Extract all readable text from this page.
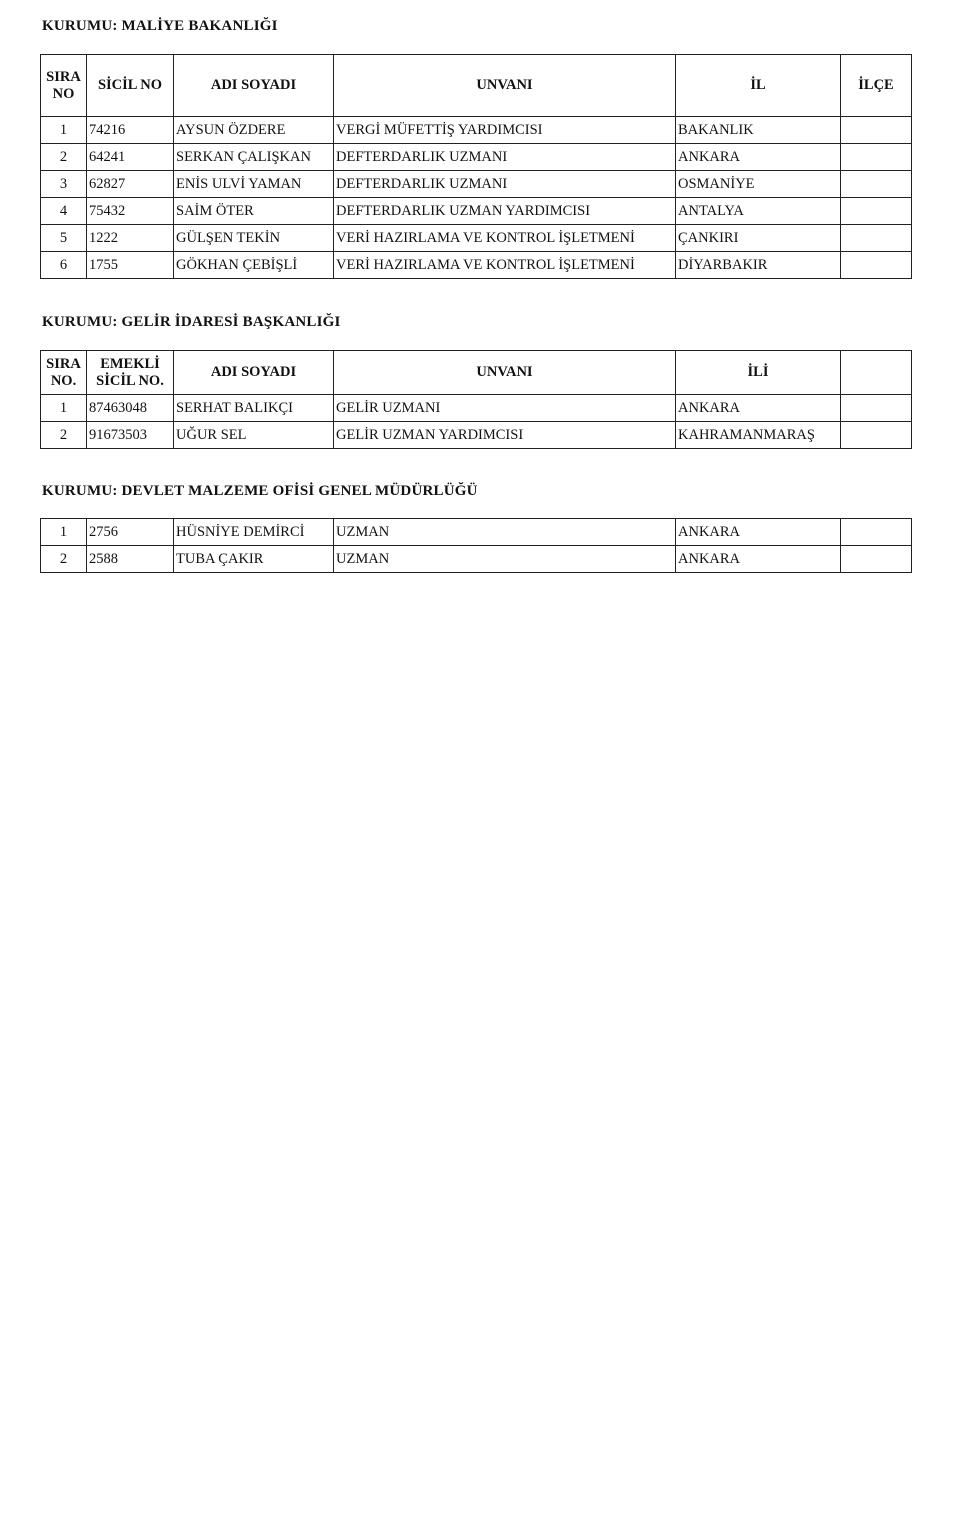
KURUMU: MALİYE BAKANLIĞI
SIRA NO	SİCİL NO	ADI SOYADI	UNVANI	İL	İLÇE
1	74216	AYSUN ÖZDERE	VERGİ MÜFETTİŞ YARDIMCISI	BAKANLIK	
2	64241	SERKAN ÇALIŞKAN	DEFTERDARLIK UZMANI	ANKARA	
3	62827	ENİS ULVİ YAMAN	DEFTERDARLIK UZMANI	OSMANİYE	
4	75432	SAİM ÖTER	DEFTERDARLIK UZMAN YARDIMCISI	ANTALYA	
5	1222	GÜLŞEN TEKİN	VERİ HAZIRLAMA VE KONTROL İŞLETMENİ	ÇANKIRI	
6	1755	GÖKHAN ÇEBİŞLİ	VERİ HAZIRLAMA VE KONTROL İŞLETMENİ	DİYARBAKIR	
KURUMU: GELİR İDARESİ BAŞKANLIĞI
SIRA NO.	EMEKLİ SİCİL NO.	ADI SOYADI	UNVANI	İLİ	
1	87463048	SERHAT BALIKÇI	GELİR UZMANI	ANKARA	
2	91673503	UĞUR SEL	GELİR UZMAN YARDIMCISI	KAHRAMANMARAŞ	
KURUMU: DEVLET MALZEME OFİSİ GENEL MÜDÜRLÜĞÜ
1	2756	HÜSNİYE DEMİRCİ	UZMAN	ANKARA	
2	2588	TUBA ÇAKIR	UZMAN	ANKARA	
